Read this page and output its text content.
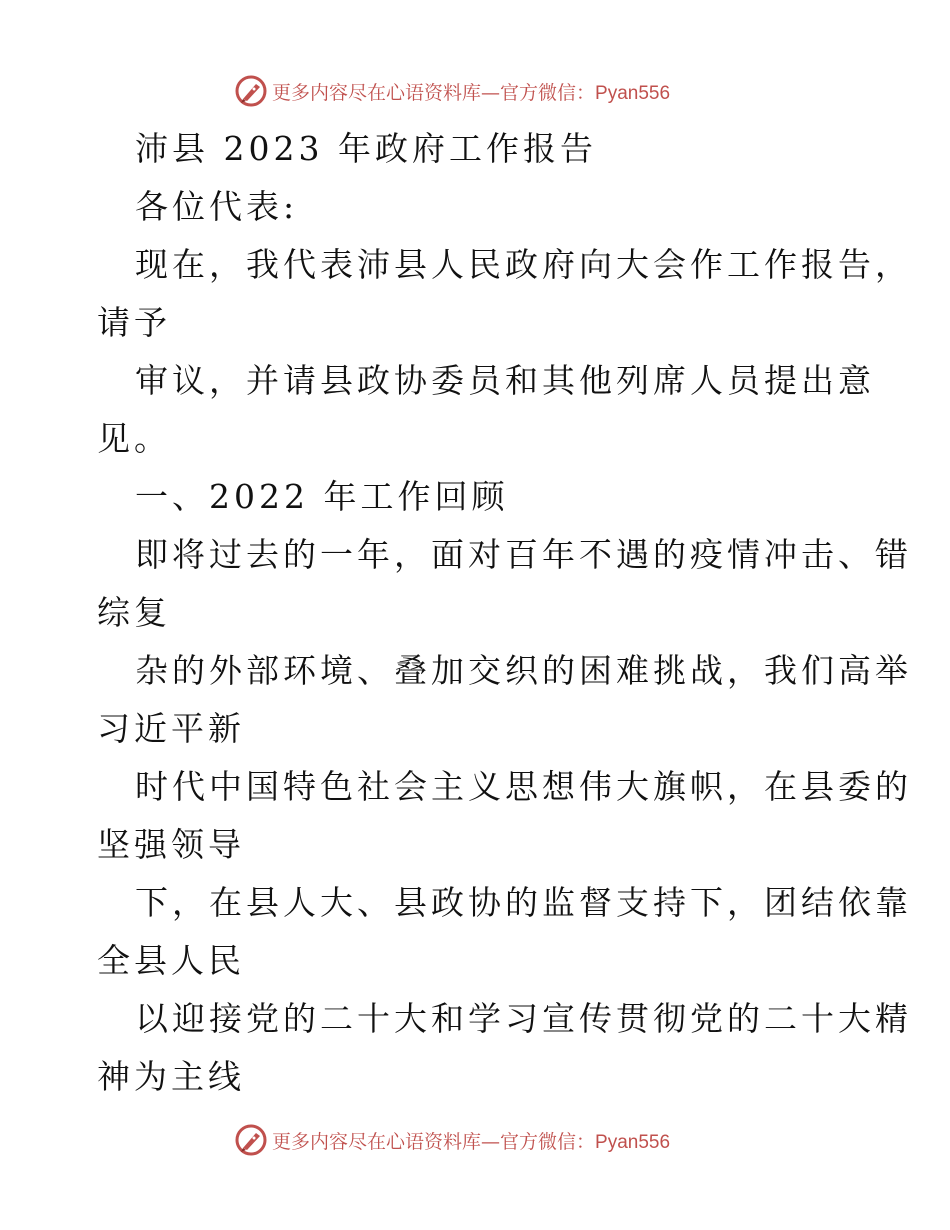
更多内容尽在心语资料库—官方微信：Pyan556
沛县 2023 年政府工作报告
各位代表:
现在，我代表沛县人民政府向大会作工作报告，
请予
审议，并请县政协委员和其他列席人员提出意
见。
一、2022 年工作回顾
即将过去的一年，面对百年不遇的疫情冲击、错
综复
杂的外部环境、叠加交织的困难挑战，我们高举
习近平新
时代中国特色社会主义思想伟大旗帜，在县委的
坚强领导
下，在县人大、县政协的监督支持下，团结依靠
全县人民
以迎接党的二十大和学习宣传贯彻党的二十大精
神为主线
更多内容尽在心语资料库—官方微信：Pyan556
